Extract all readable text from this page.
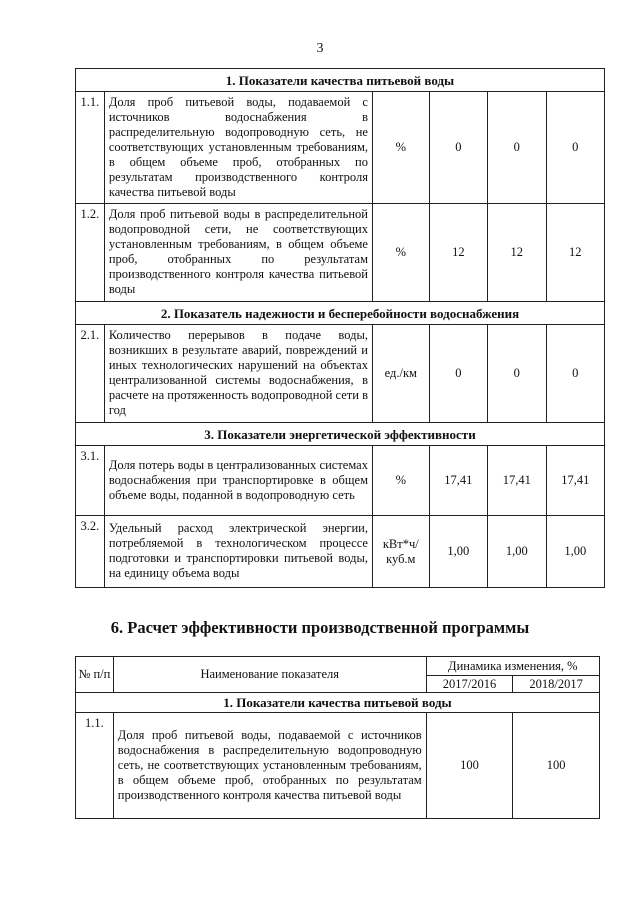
3
1. Показатели качества питьевой воды					
1.1.	Доля проб питьевой воды, подаваемой с источников водоснабжения в распределительную водопроводную сеть, не соответствующих установленным требованиям, в общем объеме проб, отобранных по результатам производственного контроля качества питьевой воды	%	0	0	0
1.2.	Доля проб питьевой воды в распределительной водопроводной сети, не соответствующих установленным требованиям, в общем объеме проб, отобранных по результатам производственного контроля качества питьевой воды	%	12	12	12
2. Показатель надежности и бесперебойности водоснабжения					
2.1.	Количество перерывов в подаче воды, возникших в результате аварий, повреждений и иных технологических нарушений на объектах централизованной системы водоснабжения, в расчете на протяженность водопроводной сети в год	ед./км	0	0	0
3. Показатели энергетической эффективности					
3.1.	Доля потерь воды в централизованных системах водоснабжения при транспортировке в общем объеме воды, поданной в водопроводную сеть	%	17,41	17,41	17,41
3.2.	Удельный расход электрической энергии, потребляемой в технологическом процессе подготовки и транспортировки питьевой воды, на единицу объема воды	кВт*ч/ куб.м	1,00	1,00	1,00
6. Расчет эффективности производственной программы
№ п/п	Наименование показателя	Динамика изменения, %	
		2017/2016	2018/2017
1. Показатели качества питьевой воды			
1.1.	Доля проб питьевой воды, подаваемой с источников водоснабжения в распределительную водопроводную сеть, не соответствующих установленным требованиям, в общем объеме проб, отобранных по результатам производственного контроля качества питьевой воды	100	100
